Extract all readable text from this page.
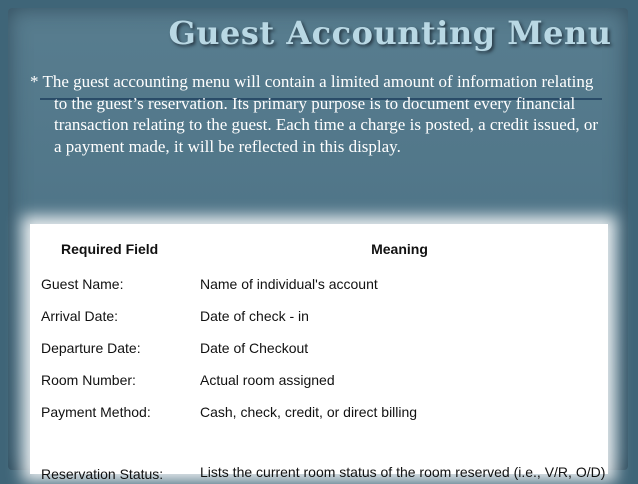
Guest Accounting Menu

* The guest accounting menu will contain a limited amount of information relating to the guest’s reservation. Its primary purpose is to document every financial transaction relating to the guest. Each time a charge is posted, a credit issued, or a payment made, it will be reflected in this display.

Required Field	Meaning
Guest Name:	Name of individual's account
Arrival Date:	Date of check - in
Departure Date:	Date of Checkout
Room Number:	Actual room assigned
Payment Method:	Cash, check, credit, or direct billing
Reservation Status:	Lists the current room status of the room reserved (i.e., V/R, O/D)
